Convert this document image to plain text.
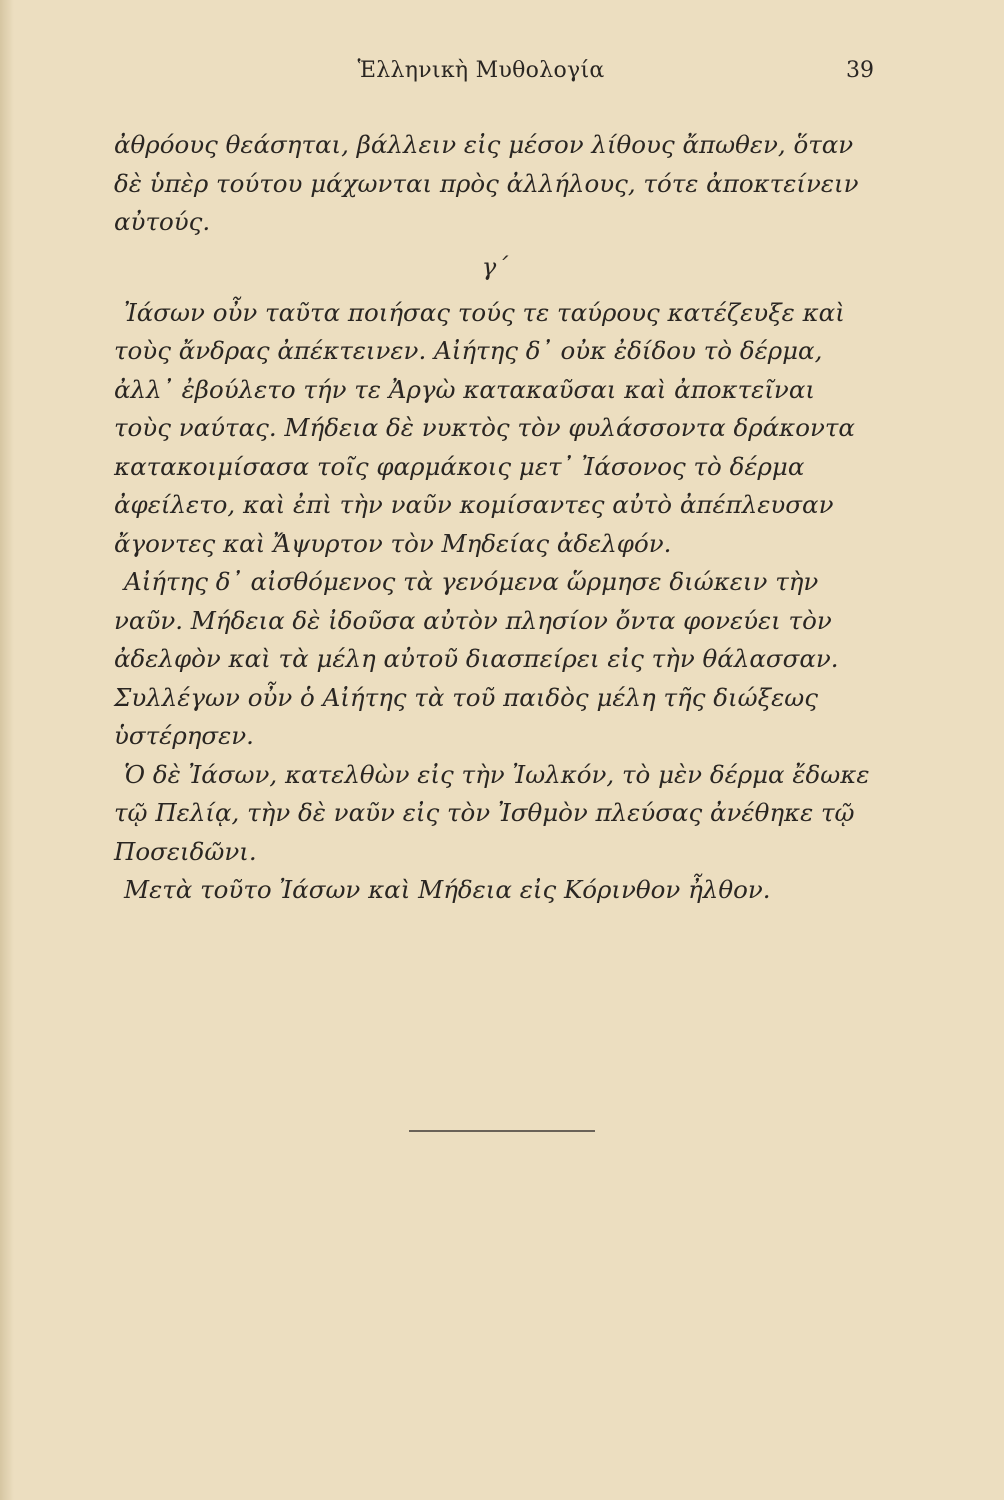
Ἑλληνικὴ Μυθολογία	39

ἀθρόους θεάσηται, βάλλειν εἰς μέσον λίθους ἄπωθεν, ὅταν δὲ ὑπὲρ τούτου μάχωνται πρὸς ἀλλήλους, τότε ἀποκτείνειν αὐτούς.

γ΄

Ἰάσων οὖν ταῦτα ποιήσας τούς τε ταύρους κατέζευξε καὶ τοὺς ἄνδρας ἀπέκτεινεν. Αἰήτης δ᾽ οὐκ ἐδίδου τὸ δέρμα, ἀλλ᾽ ἐβούλετο τήν τε Ἀργὼ κατακαῦσαι καὶ ἀποκτεῖναι τοὺς ναύτας. Μήδεια δὲ νυκτὸς τὸν φυλάσσοντα δράκοντα κατακοιμίσασα τοῖς φαρμάκοις μετ᾽ Ἰάσονος τὸ δέρμα ἀφείλετο, καὶ ἐπὶ τὴν ναῦν κομίσαντες αὐτὸ ἀπέπλευσαν ἄγοντες καὶ Ἄψυρτον τὸν Μηδείας ἀδελφόν.

Αἰήτης δ᾽ αἰσθόμενος τὰ γενόμενα ὥρμησε διώκειν τὴν ναῦν. Μήδεια δὲ ἰδοῦσα αὐτὸν πλησίον ὄντα φονεύει τὸν ἀδελφὸν καὶ τὰ μέλη αὐτοῦ διασπείρει εἰς τὴν θάλασσαν. Συλλέγων οὖν ὁ Αἰήτης τὰ τοῦ παιδὸς μέλη τῆς διώξεως ὑστέρησεν.

Ὁ δὲ Ἰάσων, κατελθὼν εἰς τὴν Ἰωλκόν, τὸ μὲν δέρμα ἔδωκε τῷ Πελίᾳ, τὴν δὲ ναῦν εἰς τὸν Ἰσθμὸν πλεύσας ἀνέθηκε τῷ Ποσειδῶνι.

Μετὰ τοῦτο Ἰάσων καὶ Μήδεια εἰς Κόρινθον ἦλθον.
